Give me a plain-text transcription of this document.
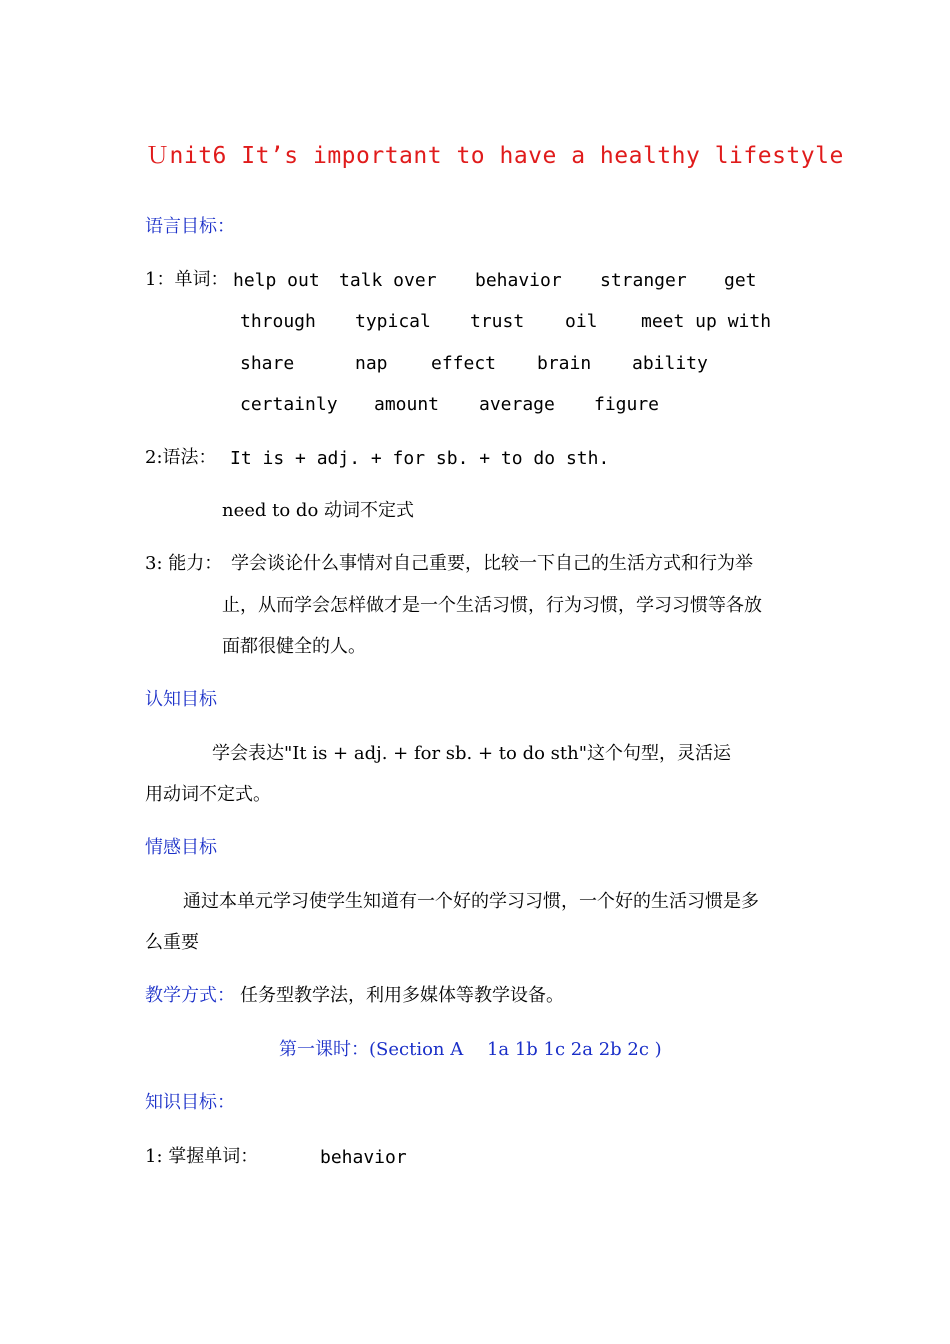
Ｕnit6 It’s important to have a healthy lifestyle
语言目标：
1：单词： help out talk over behavior stranger get
through typical trust oil meet up with
share	nap effect brain ability
certainly amount average figure
2:语法： It is + adj. + for sb. + to do sth.
need to do 动词不定式
3: 能力： 学会谈论什么事情对自己重要，比较一下自己的生活方式和行为举
止，从而学会怎样做才是一个生活习惯，行为习惯，学习习惯等各放
面都很健全的人。
认知目标
学会表达"It is + adj. + for sb. + to do sth"这个句型，灵活运
用动词不定式。
情感目标
通过本单元学习使学生知道有一个好的学习习惯，一个好的生活习惯是多
么重要
教学方式： 任务型教学法，利用多媒体等教学设备。
第一课时：(Section A　 1a 1b 1c 2a 2b 2c )
知识目标：
1: 掌握单词：	behavior
